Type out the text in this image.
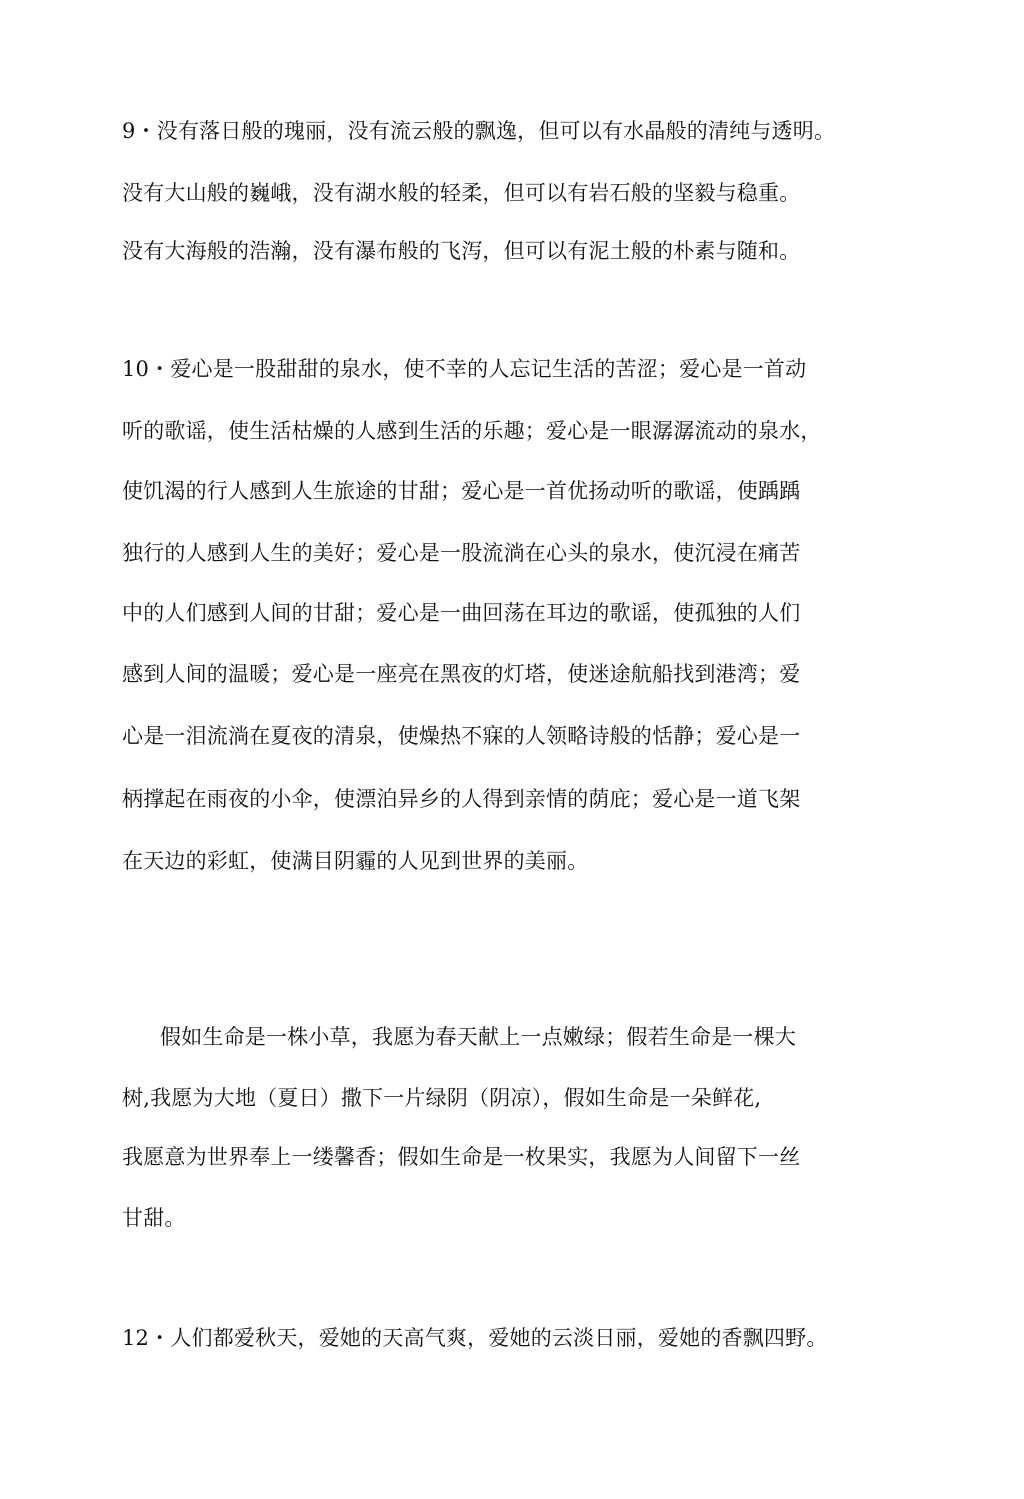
9・没有落日般的瑰丽，没有流云般的飘逸，但可以有水晶般的清纯与透明。
没有大山般的巍峨，没有湖水般的轻柔，但可以有岩石般的坚毅与稳重。
没有大海般的浩瀚，没有瀑布般的飞泻，但可以有泥土般的朴素与随和。
10・爱心是一股甜甜的泉水，使不幸的人忘记生活的苦涩；爱心是一首动
听的歌谣，使生活枯燥的人感到生活的乐趣；爱心是一眼潺潺流动的泉水，
使饥渴的行人感到人生旅途的甘甜；爱心是一首优扬动听的歌谣，使踽踽
独行的人感到人生的美好；爱心是一股流淌在心头的泉水，使沉浸在痛苦
中的人们感到人间的甘甜；爱心是一曲回荡在耳边的歌谣，使孤独的人们
感到人间的温暖；爱心是一座亮在黑夜的灯塔，使迷途航船找到港湾；爱
心是一泪流淌在夏夜的清泉，使燥热不寐的人领略诗般的恬静；爱心是一
柄撑起在雨夜的小伞，使漂泊异乡的人得到亲情的荫庇；爱心是一道飞架
在天边的彩虹，使满目阴霾的人见到世界的美丽。
假如生命是一株小草，我愿为春天献上一点嫩绿；假若生命是一棵大
树,我愿为大地（夏日）撒下一片绿阴（阴凉），假如生命是一朵鲜花,
我愿意为世界奉上一缕馨香；假如生命是一枚果实，我愿为人间留下一丝
甘甜。
12・人们都爱秋天，爱她的天高气爽，爱她的云淡日丽，爱她的香飘四野。
